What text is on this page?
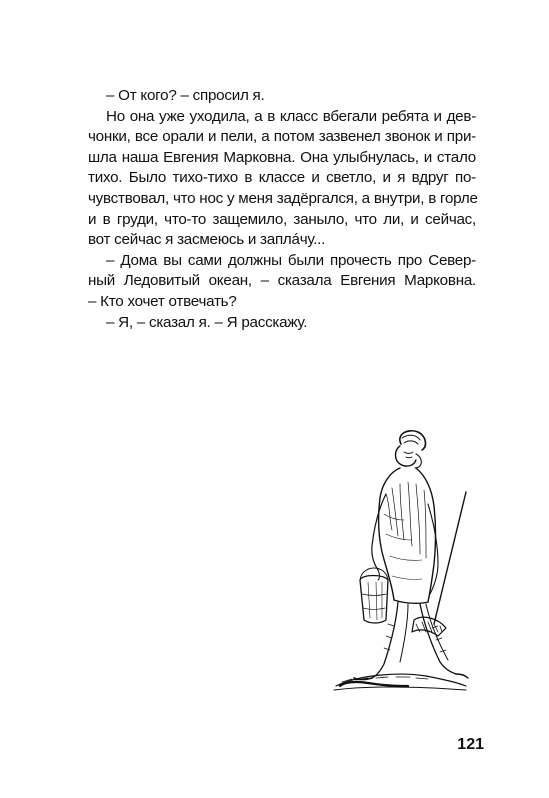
– От кого? – спросил я.
Но она уже уходила, а в класс вбегали ребята и дев-
чонки, все орали и пели, а потом зазвенел звонок и при-
шла наша Евгения Марковна. Она улыбнулась, и стало
тихо. Было тихо-тихо в классе и светло, и я вдруг по-
чувствовал, что нос у меня задёргался, а внутри, в горле
и в груди, что-то защемило, заныло, что ли, и сейчас,
вот сейчас я засмеюсь и заплáчу...
– Дома вы сами должны были прочесть про Север-
ный Ледовитый океан, – сказала Евгения Марковна.
– Кто хочет отвечать?
– Я, – сказал я. – Я расскажу.
121
